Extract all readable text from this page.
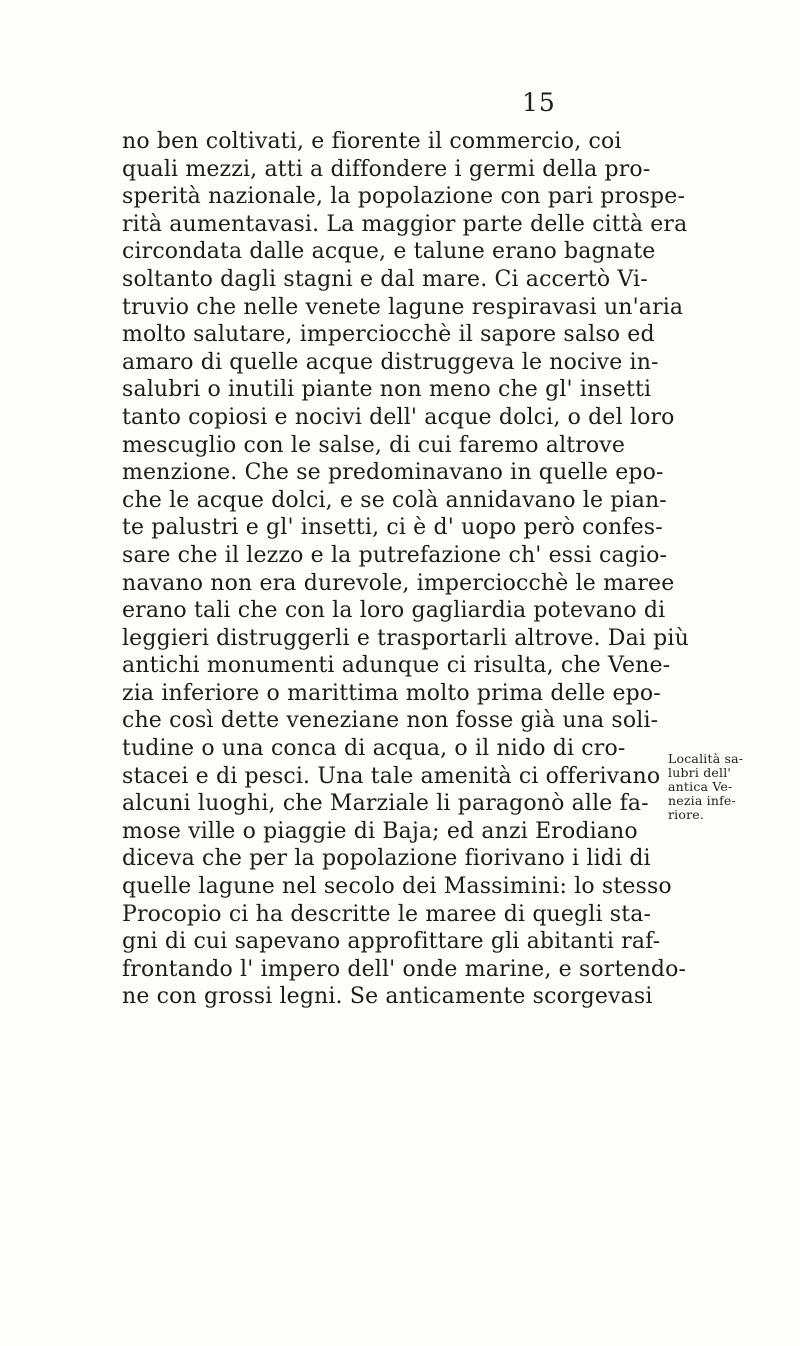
15
no ben coltivati, e fiorente il commercio, coi
quali mezzi, atti a diffondere i germi della pro-
sperità nazionale, la popolazione con pari prospe-
rità aumentavasi. La maggior parte delle città era
circondata dalle acque, e talune erano bagnate
soltanto dagli stagni e dal mare. Ci accertò Vi-
truvio che nelle venete lagune respiravasi un'aria
molto salutare, imperciocchè il sapore salso ed
amaro di quelle acque distruggeva le nocive in-
salubri o inutili piante non meno che gl' insetti
tanto copiosi e nocivi dell' acque dolci, o del loro
mescuglio con le salse, di cui faremo altrove
menzione. Che se predominavano in quelle epo-
che le acque dolci, e se colà annidavano le pian-
te palustri e gl' insetti, ci è d' uopo però confes-
sare che il lezzo e la putrefazione ch' essi cagio-
navano non era durevole, imperciocchè le maree
erano tali che con la loro gagliardia potevano di
leggieri distruggerli e trasportarli altrove. Dai più
antichi monumenti adunque ci risulta, che Vene-
zia inferiore o marittima molto prima delle epo-
che così dette veneziane non fosse già una soli-
tudine o una conca di acqua, o il nido di cro-
stacei e di pesci. Una tale amenità ci offerivano
alcuni luoghi, che Marziale li paragonò alle fa-
mose ville o piaggie di Baja; ed anzi Erodiano
diceva che per la popolazione fiorivano i lidi di
quelle lagune nel secolo dei Massimini: lo stesso
Procopio ci ha descritte le maree di quegli sta-
gni di cui sapevano approfittare gli abitanti raf-
frontando l' impero dell' onde marine, e sortendo-
ne con grossi legni. Se anticamente scorgevasi
Località sa-
lubri dell'
antica Ve-
nezia infe-
riore.
